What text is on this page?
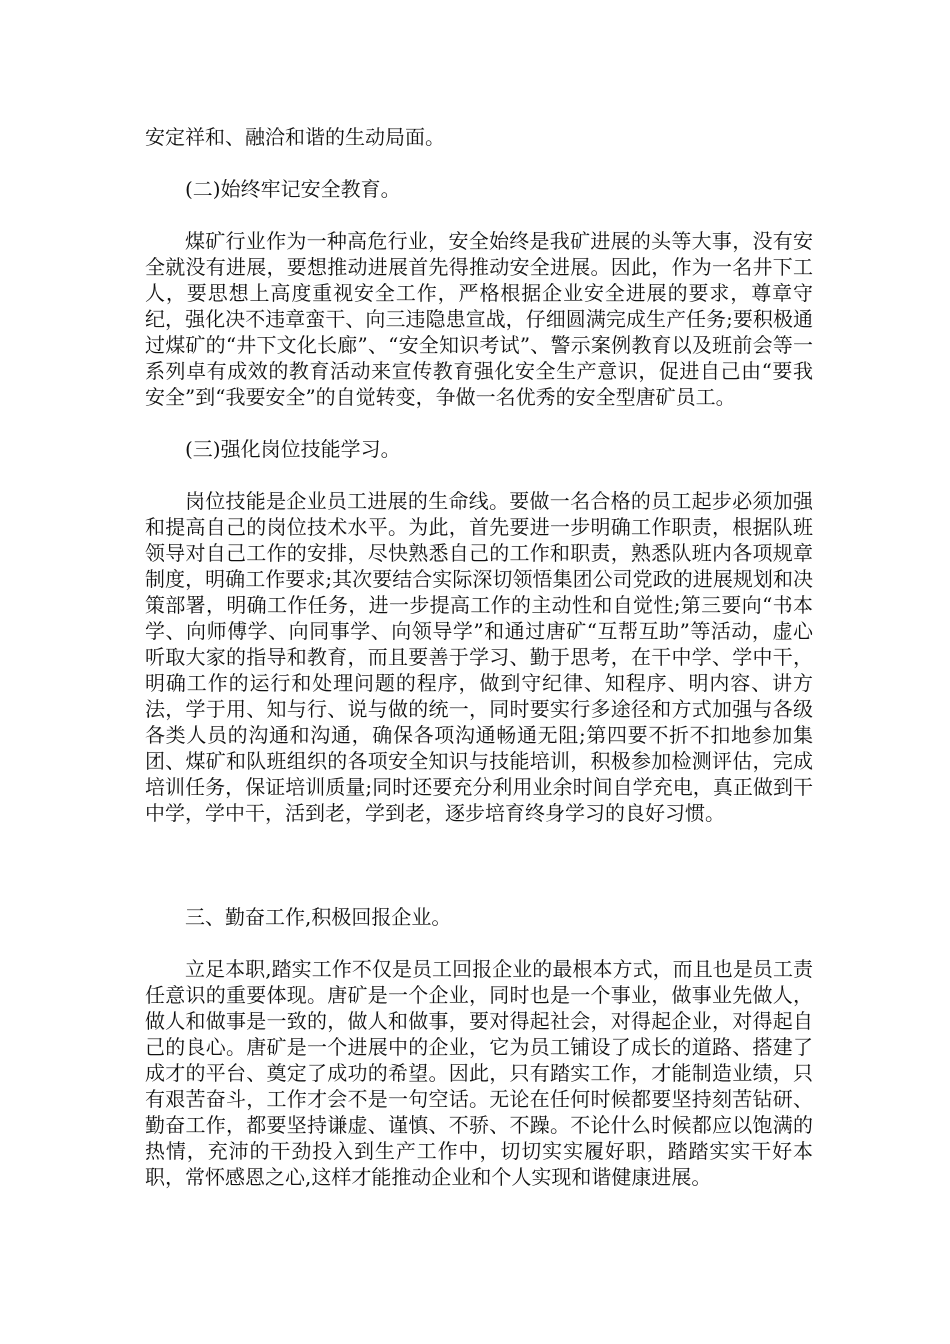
安定祥和、融洽和谐的生动局面。

(二)始终牢记安全教育。

煤矿行业作为一种高危行业，安全始终是我矿进展的头等大事，没有安全就没有进展，要想推动进展首先得推动安全进展。因此，作为一名井下工人，要思想上高度重视安全工作，严格根据企业安全进展的要求，尊章守纪，强化决不违章蛮干、向三违隐患宣战，仔细圆满完成生产任务;要积极通过煤矿的“井下文化长廊”、“安全知识考试”、警示案例教育以及班前会等一系列卓有成效的教育活动来宣传教育强化安全生产意识，促进自己由“要我安全”到“我要安全”的自觉转变，争做一名优秀的安全型唐矿员工。

(三)强化岗位技能学习。

岗位技能是企业员工进展的生命线。要做一名合格的员工起步必须加强和提高自己的岗位技术水平。为此，首先要进一步明确工作职责，根据队班领导对自己工作的安排，尽快熟悉自己的工作和职责，熟悉队班内各项规章制度，明确工作要求;其次要结合实际深切领悟集团公司党政的进展规划和决策部署，明确工作任务，进一步提高工作的主动性和自觉性;第三要向“书本学、向师傅学、向同事学、向领导学”和通过唐矿“互帮互助”等活动，虚心听取大家的指导和教育，而且要善于学习、勤于思考，在干中学、学中干，明确工作的运行和处理问题的程序，做到守纪律、知程序、明内容、讲方法，学于用、知与行、说与做的统一，同时要实行多途径和方式加强与各级各类人员的沟通和沟通，确保各项沟通畅通无阻;第四要不折不扣地参加集团、煤矿和队班组织的各项安全知识与技能培训，积极参加检测评估，完成培训任务，保证培训质量;同时还要充分利用业余时间自学充电，真正做到干中学，学中干，活到老，学到老，逐步培育终身学习的良好习惯。

三、勤奋工作,积极回报企业。

立足本职,踏实工作不仅是员工回报企业的最根本方式，而且也是员工责任意识的重要体现。唐矿是一个企业，同时也是一个事业，做事业先做人，做人和做事是一致的，做人和做事，要对得起社会，对得起企业，对得起自己的良心。唐矿是一个进展中的企业，它为员工铺设了成长的道路、搭建了成才的平台、奠定了成功的希望。因此，只有踏实工作，才能制造业绩，只有艰苦奋斗，工作才会不是一句空话。无论在任何时候都要坚持刻苦钻研、勤奋工作，都要坚持谦虚、谨慎、不骄、不躁。不论什么时候都应以饱满的热情，充沛的干劲投入到生产工作中，切切实实履好职，踏踏实实干好本职，常怀感恩之心,这样才能推动企业和个人实现和谐健康进展。
